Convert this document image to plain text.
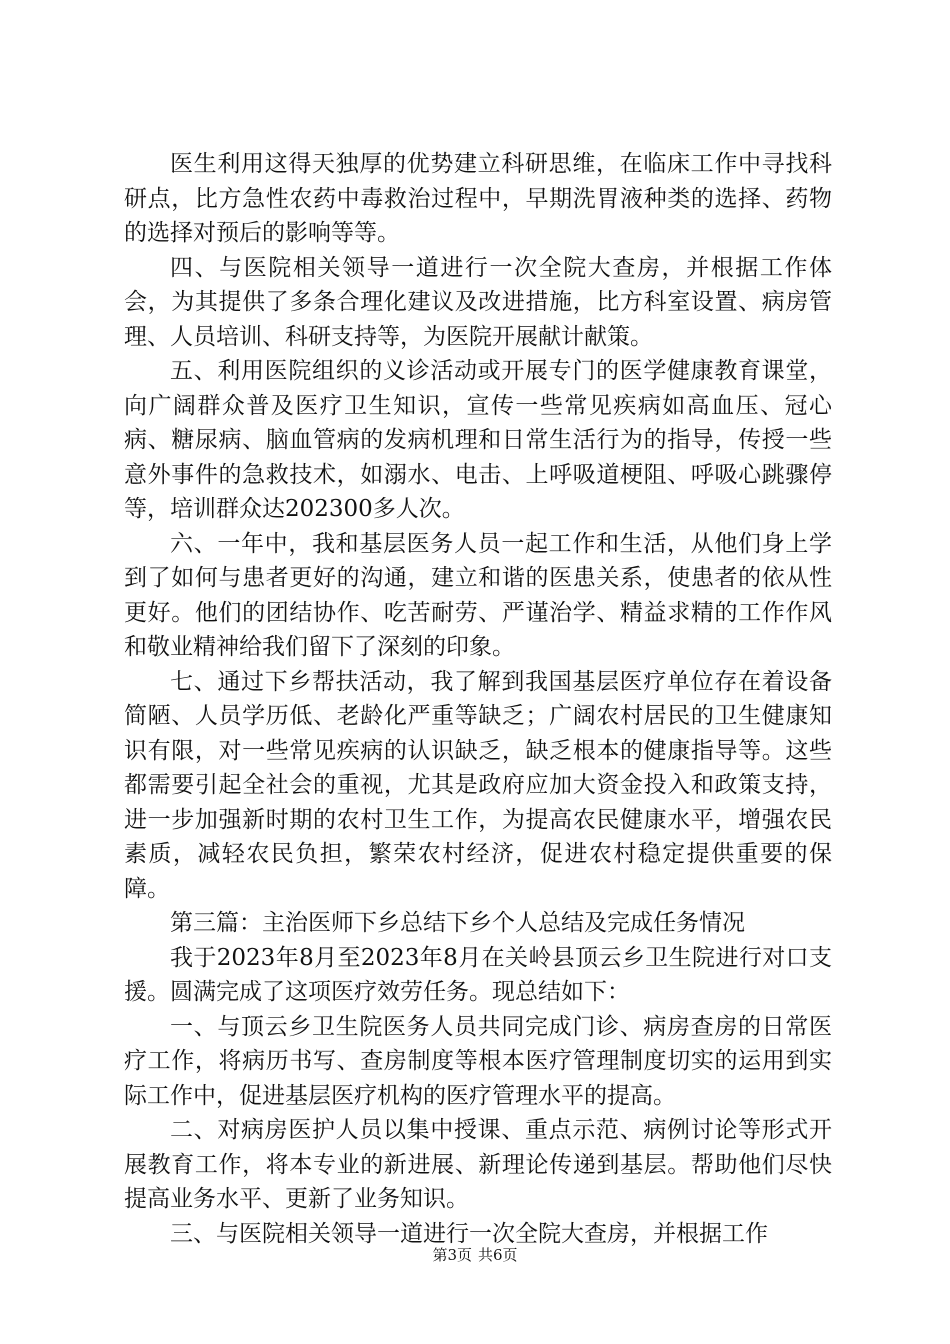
医生利用这得天独厚的优势建立科研思维，在临床工作中寻找科研点，比方急性农药中毒救治过程中，早期洗胃液种类的选择、药物的选择对预后的影响等等。

四、与医院相关领导一道进行一次全院大查房，并根据工作体会，为其提供了多条合理化建议及改进措施，比方科室设置、病房管理、人员培训、科研支持等，为医院开展献计献策。

五、利用医院组织的义诊活动或开展专门的医学健康教育课堂，向广阔群众普及医疗卫生知识，宣传一些常见疾病如高血压、冠心病、糖尿病、脑血管病的发病机理和日常生活行为的指导，传授一些意外事件的急救技术，如溺水、电击、上呼吸道梗阻、呼吸心跳骤停等，培训群众达202300多人次。

六、一年中，我和基层医务人员一起工作和生活，从他们身上学到了如何与患者更好的沟通，建立和谐的医患关系，使患者的依从性更好。他们的团结协作、吃苦耐劳、严谨治学、精益求精的工作作风和敬业精神给我们留下了深刻的印象。

七、通过下乡帮扶活动，我了解到我国基层医疗单位存在着设备简陋、人员学历低、老龄化严重等缺乏；广阔农村居民的卫生健康知识有限，对一些常见疾病的认识缺乏，缺乏根本的健康指导等。这些都需要引起全社会的重视，尤其是政府应加大资金投入和政策支持，进一步加强新时期的农村卫生工作，为提高农民健康水平，增强农民素质，减轻农民负担，繁荣农村经济，促进农村稳定提供重要的保障。

第三篇：主治医师下乡总结下乡个人总结及完成任务情况

我于2023年8月至2023年8月在关岭县顶云乡卫生院进行对口支援。圆满完成了这项医疗效劳任务。现总结如下：

一、与顶云乡卫生院医务人员共同完成门诊、病房查房的日常医疗工作，将病历书写、查房制度等根本医疗管理制度切实的运用到实际工作中，促进基层医疗机构的医疗管理水平的提高。

二、对病房医护人员以集中授课、重点示范、病例讨论等形式开展教育工作，将本专业的新进展、新理论传递到基层。帮助他们尽快提高业务水平、更新了业务知识。

三、与医院相关领导一道进行一次全院大查房，并根据工作

第3页 共6页
